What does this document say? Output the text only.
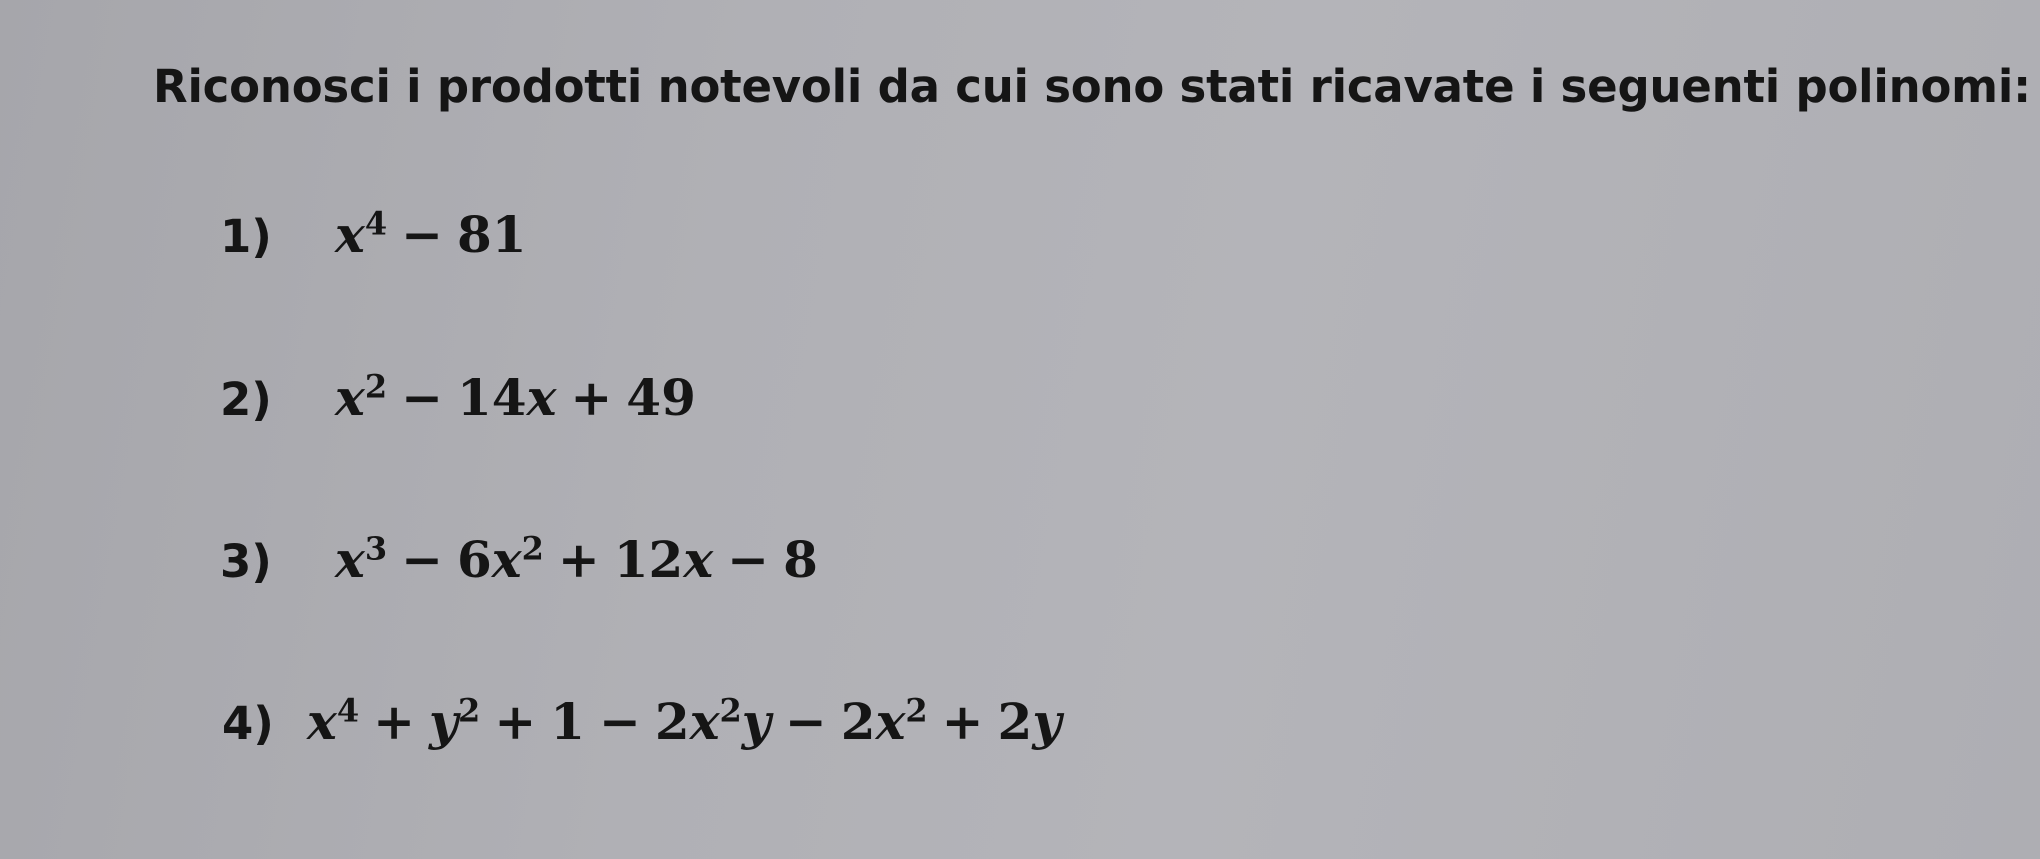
Riconosci i prodotti notevoli da cui sono stati ricavate i seguenti polinomi:
1)	$x^4 - 81$
2)	$x^2 - 14x + 49$
3)	$x^3 - 6x^2 + 12x - 8$
4) $x^4 + y^2 + 1 - 2x^2y - 2x^2 + 2y$
